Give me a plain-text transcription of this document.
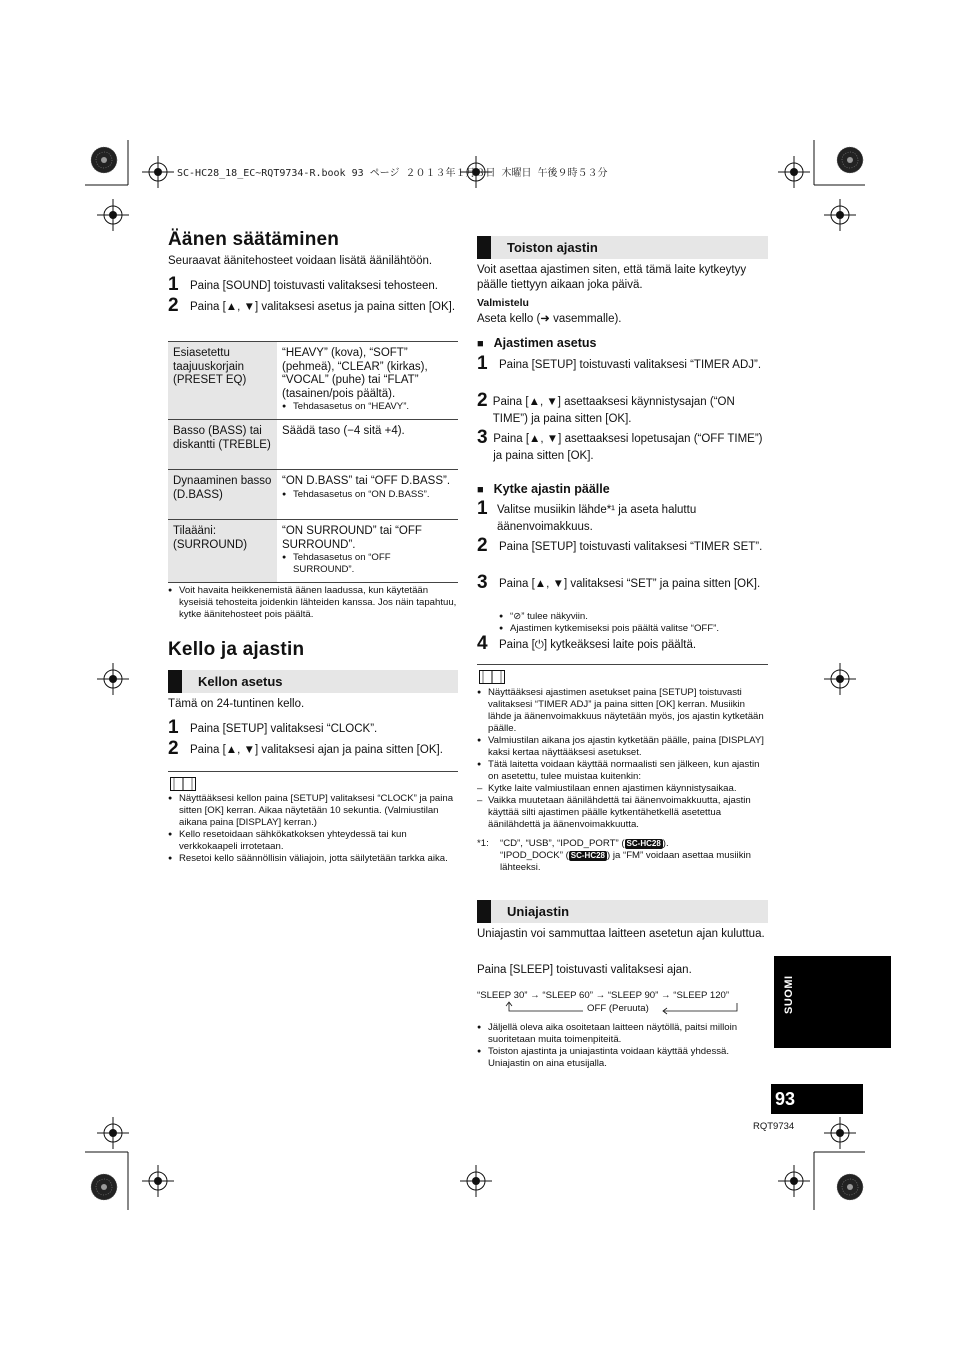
SC-HC28_18_EC~RQT9734-R.book 93 ページ ２０１３年１月３日 木曜日 午後９時５３分
Äänen säätäminen
Seuraavat äänitehosteet voidaan lisätä äänilähtöön.
1 Paina [SOUND] toistuvasti valitaksesi tehosteen.
2 Paina [▲, ▼] valitaksesi asetus ja paina sitten [OK].
Esiasetettu taajuuskorjain (PRESET EQ)	“HEAVY” (kova), “SOFT” (pehmeä), “CLEAR” (kirkas), “VOCAL” (puhe) tai “FLAT” (tasainen/pois päältä).
● Tehdasasetus on “HEAVY”.

Basso (BASS) tai diskantti (TREBLE)	Säädä taso (−4 sitä +4).

Dynaaminen basso (D.BASS)	“ON D.BASS” tai “OFF D.BASS”.
● Tehdasasetus on “ON D.BASS”.

Tilaääni: (SURROUND)	“ON SURROUND” tai “OFF SURROUND”.
● Tehdasasetus on “OFF SURROUND”.
● Voit havaita heikkenemistä äänen laadussa, kun käytetään kyseisiä tehosteita joidenkin lähteiden kanssa. Jos näin tapahtuu, kytke äänitehosteet pois päältä.
Kello ja ajastin
Kellon asetus
Tämä on 24-tuntinen kello.
1 Paina [SETUP] valitaksesi “CLOCK”.
2 Paina [▲, ▼] valitaksesi ajan ja paina sitten [OK].
● Näyttääksesi kellon paina [SETUP] valitaksesi “CLOCK” ja paina sitten [OK] kerran. Aikaa näytetään 10 sekuntia. (Valmiustilan aikana paina [DISPLAY] kerran.)
● Kello resetoidaan sähkökatkoksen yhteydessä tai kun verkkokaapeli irrotetaan.
● Resetoi kello säännöllisin väliajoin, jotta säilytetään tarkka aika.
Toiston ajastin
Voit asettaa ajastimen siten, että tämä laite kytkeytyy päälle tiettyyn aikaan joka päivä.
Valmistelu
Aseta kello (➜ vasemmalle).
■ Ajastimen asetus
1 Paina [SETUP] toistuvasti valitaksesi “TIMER ADJ”.
2 Paina [▲, ▼] asettaaksesi käynnistysajan (“ON TIME”) ja paina sitten [OK].
3 Paina [▲, ▼] asettaaksesi lopetusajan (“OFF TIME”) ja paina sitten [OK].
■ Kytke ajastin päälle
1 Valitse musiikin lähde*¹ ja aseta haluttu äänenvoimakkuus.
2 Paina [SETUP] toistuvasti valitaksesi “TIMER SET”.
3 Paina [▲, ▼] valitaksesi “SET” ja paina sitten [OK].
● “⊘” tulee näkyviin.
● Ajastimen kytkemiseksi pois päältä valitse “OFF”.
4 Paina [⏻] kytkeäksesi laite pois päältä.
● Näyttääksesi ajastimen asetukset paina [SETUP] toistuvasti valitaksesi “TIMER ADJ” ja paina sitten [OK] kerran. Musiikin lähde ja äänenvoimakkuus näytetään myös, jos ajastin kytketään päälle.
● Valmiustilan aikana jos ajastin kytketään päälle, paina [DISPLAY] kaksi kertaa näyttääksesi asetukset.
● Tätä laitetta voidaan käyttää normaalisti sen jälkeen, kun ajastin on asetettu, tulee muistaa kuitenkin:
– Kytke laite valmiustilaan ennen ajastimen käynnistysaikaa.
– Vaikka muutetaan äänilähdettä tai äänenvoimakkuutta, ajastin käyttää silti ajastimen päälle kytkentähetkellä asetettua äänilähdettä ja äänenvoimakkuutta.
*1: “CD”, “USB”, “IPOD_PORT” ( SC-HC28 ).
“IPOD_DOCK” ( SC-HC28 ) ja “FM” voidaan asettaa musiikin lähteeksi.
Uniajastin
Uniajastin voi sammuttaa laitteen asetetun ajan kuluttua.
Paina [SLEEP] toistuvasti valitaksesi ajan.
“SLEEP 30” → “SLEEP 60” → “SLEEP 90” → “SLEEP 120”
OFF (Peruuta)
● Jäljellä oleva aika osoitetaan laitteen näytöllä, paitsi milloin suoritetaan muita toimenpiteitä.
● Toiston ajastinta ja uniajastinta voidaan käyttää yhdessä. Uniajastin on aina etusijalla.
SUOMI
93
RQT9734
